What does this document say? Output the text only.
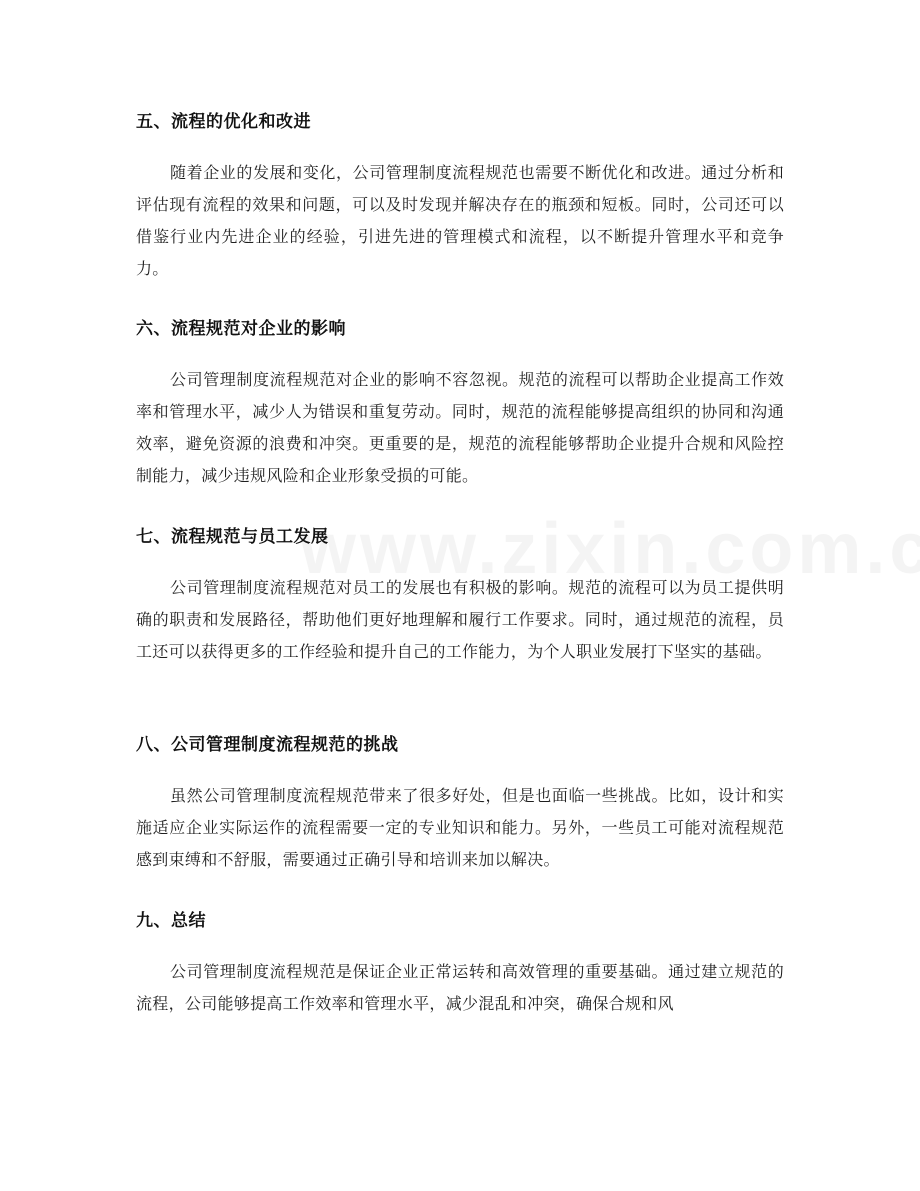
五、流程的优化和改进

随着企业的发展和变化，公司管理制度流程规范也需要不断优化和改进。通过分析和评估现有流程的效果和问题，可以及时发现并解决存在的瓶颈和短板。同时，公司还可以借鉴行业内先进企业的经验，引进先进的管理模式和流程，以不断提升管理水平和竞争力。

六、流程规范对企业的影响

公司管理制度流程规范对企业的影响不容忽视。规范的流程可以帮助企业提高工作效率和管理水平，减少人为错误和重复劳动。同时，规范的流程能够提高组织的协同和沟通效率，避免资源的浪费和冲突。更重要的是，规范的流程能够帮助企业提升合规和风险控制能力，减少违规风险和企业形象受损的可能。

七、流程规范与员工发展

公司管理制度流程规范对员工的发展也有积极的影响。规范的流程可以为员工提供明确的职责和发展路径，帮助他们更好地理解和履行工作要求。同时，通过规范的流程，员工还可以获得更多的工作经验和提升自己的工作能力，为个人职业发展打下坚实的基础。

八、公司管理制度流程规范的挑战

虽然公司管理制度流程规范带来了很多好处，但是也面临一些挑战。比如，设计和实施适应企业实际运作的流程需要一定的专业知识和能力。另外，一些员工可能对流程规范感到束缚和不舒服，需要通过正确引导和培训来加以解决。

九、总结

公司管理制度流程规范是保证企业正常运转和高效管理的重要基础。通过建立规范的流程，公司能够提高工作效率和管理水平，减少混乱和冲突，确保合规和风
